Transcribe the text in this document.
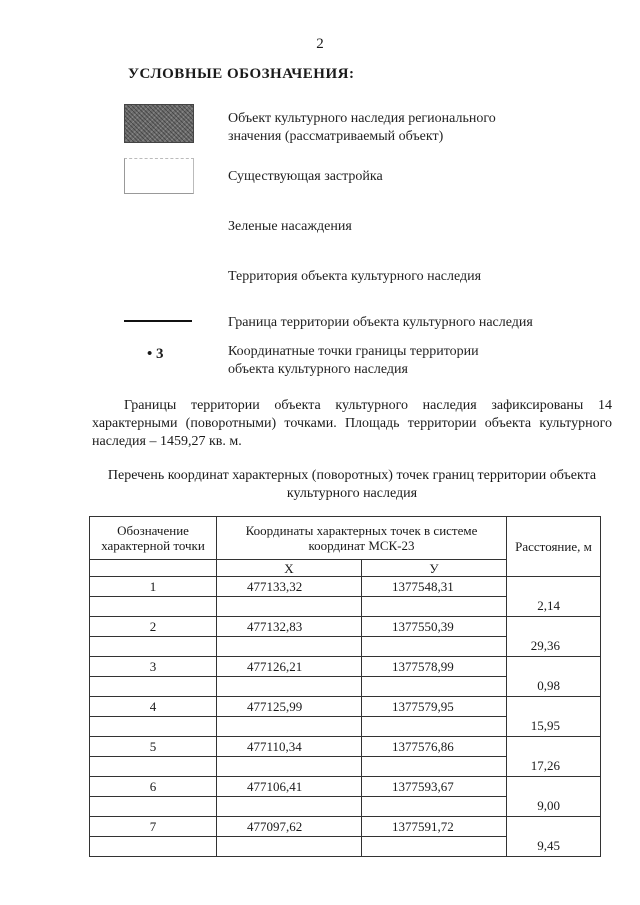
2
УСЛОВНЫЕ ОБОЗНАЧЕНИЯ:
Объект культурного наследия регионального значения (рассматриваемый объект)
Существующая застройка
Зеленые насаждения
Территория объекта культурного наследия
Граница территории объекта культурного наследия
• 3	Координатные точки границы территории объекта культурного наследия
Границы территории объекта культурного наследия зафиксированы 14 характерными (поворотными) точками. Площадь территории объекта культурного наследия – 1459,27 кв. м.
Перечень координат характерных (поворотных) точек границ территории объекта культурного наследия
Обозначение характерной точки	Координаты характерных точек в системе координат МСК-23		Расстояние, м

	X	У	
1	477133,32	1377548,31	
			2,14
2	477132,83	1377550,39	
			29,36
3	477126,21	1377578,99	
			0,98
4	477125,99	1377579,95	
			15,95
5	477110,34	1377576,86	
			17,26
6	477106,41	1377593,67	
			9,00
7	477097,62	1377591,72	
			9,45
